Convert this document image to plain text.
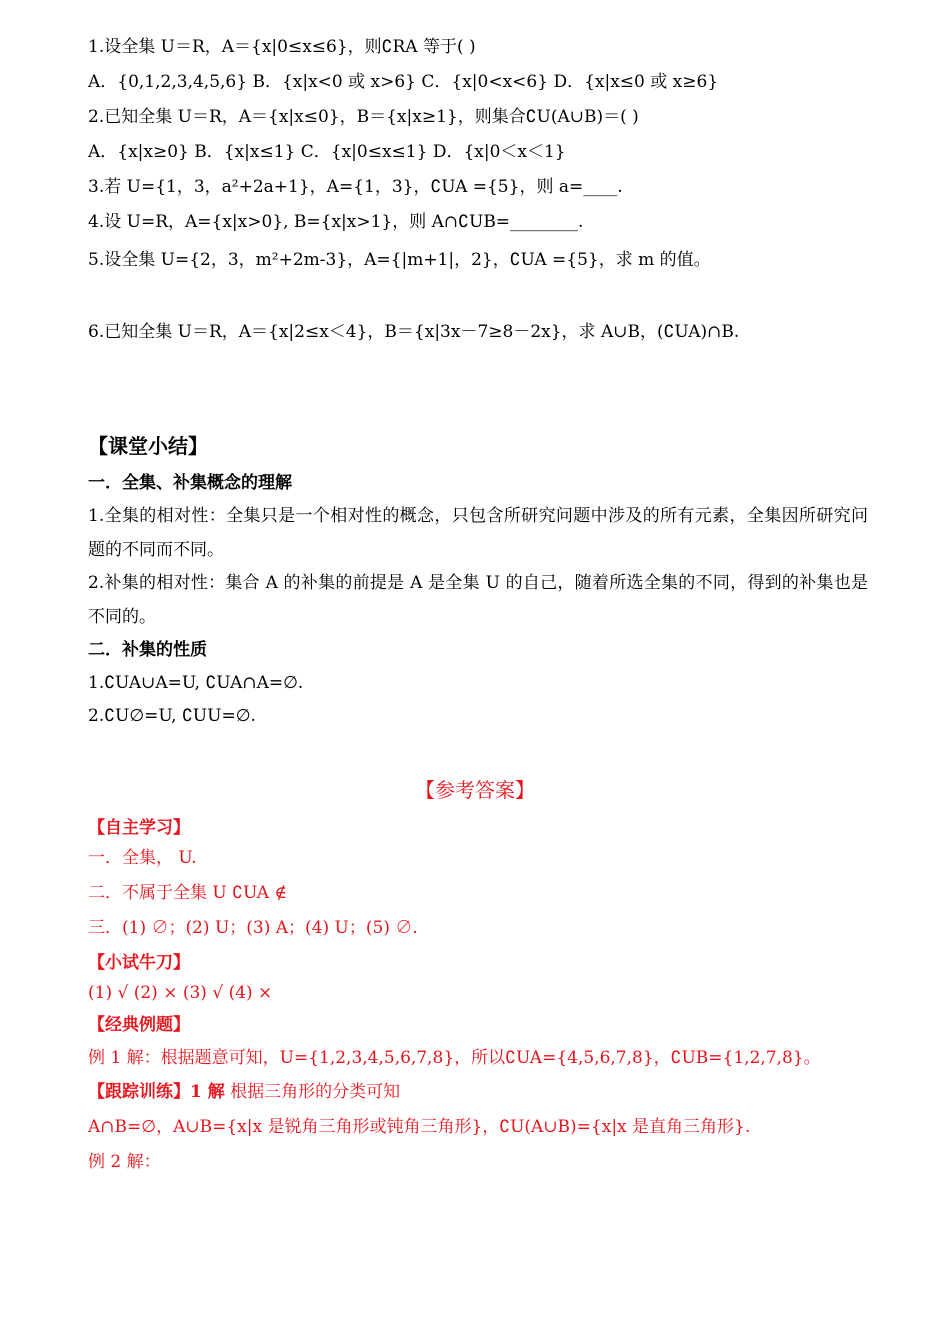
1.设全集 U＝R，A＝{x|0≤x≤6}，则∁RA 等于( )
A．{0,1,2,3,4,5,6} B．{x|x<0 或 x>6} C．{x|0<x<6} D．{x|x≤0 或 x≥6}
2.已知全集 U＝R，A＝{x|x≤0}，B＝{x|x≥1}，则集合∁U(A∪B)＝( )
A．{x|x≥0} B．{x|x≤1} C．{x|0≤x≤1} D．{x|0＜x＜1}
3.若 U={1，3，a²+2a+1}，A={1，3}，∁UA ={5}，则 a=____.
4.设 U=R，A={x|x>0}, B={x|x>1}，则 A∩∁UB=________.
5.设全集 U={2，3，m²+2m-3}，A={|m+1|，2}，∁UA ={5}，求 m 的值。
6.已知全集 U＝R，A＝{x|2≤x＜4}，B＝{x|3x－7≥8－2x}，求 A∪B，(∁UA)∩B.
【课堂小结】
一．全集、补集概念的理解
1.全集的相对性：全集只是一个相对性的概念，只包含所研究问题中涉及的所有元素，全集因所研究问题的不同而不同。
2.补集的相对性：集合 A 的补集的前提是 A 是全集 U 的自己，随着所选全集的不同，得到的补集也是不同的。
二．补集的性质
1.∁UA∪A=U, ∁UA∩A=∅.
2.∁U∅=U, ∁UU=∅.
【参考答案】
【自主学习】
一．全集， U.
二．不属于全集 U ∁UA ∉
三．(1) ∅；(2) U；(3) A；(4) U；(5) ∅.
【小试牛刀】
(1) √ (2) × (3) √ (4) ×
【经典例题】
例 1 解：根据题意可知，U={1,2,3,4,5,6,7,8}，所以∁UA={4,5,6,7,8}，∁UB={1,2,7,8}。
【跟踪训练】1 解 根据三角形的分类可知
A∩B=∅，A∪B={x|x 是锐角三角形或钝角三角形}，∁U(A∪B)={x|x 是直角三角形}.
例 2 解：
